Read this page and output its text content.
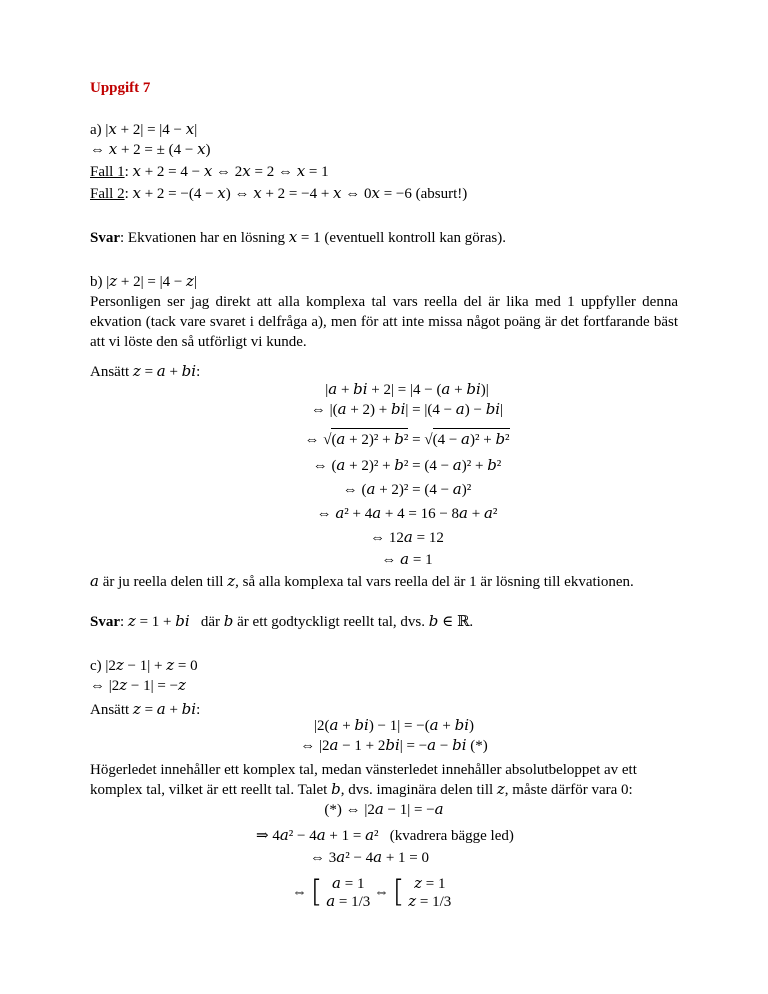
Uppgift 7
a) |𝑥 + 2| = |4 − 𝑥|
⇔ 𝑥 + 2 = ± (4 − 𝑥)
Fall 1: 𝑥 + 2 = 4 − 𝑥 ⇔ 2𝑥 = 2 ⇔ 𝑥 = 1
Fall 2: 𝑥 + 2 = −(4 − 𝑥) ⇔ 𝑥 + 2 = −4 + 𝑥 ⇔ 0𝑥 = −6 (absurt!)
Svar: Ekvationen har en lösning 𝑥 = 1 (eventuell kontroll kan göras).
b) |𝑧 + 2| = |4 − 𝑧|
Personligen ser jag direkt att alla komplexa tal vars reella del är lika med 1 uppfyller denna ekvation (tack vare svaret i delfråga a), men för att inte missa något poäng är det fortfarande bäst att vi löste den så utförligt vi kunde.
Ansätt 𝑧 = 𝑎 + 𝑏𝑖:
|𝑎 + 𝑏𝑖 + 2| = |4 − (𝑎 + 𝑏𝑖)|
⇔ |(𝑎 + 2) + 𝑏𝑖| = |(4 − 𝑎) − 𝑏𝑖|
⇔ √(𝑎 + 2)² + 𝑏² = √(4 − 𝑎)² + 𝑏²
⇔ (𝑎 + 2)² + 𝑏² = (4 − 𝑎)² + 𝑏²
⇔ (𝑎 + 2)² = (4 − 𝑎)²
⇔ 𝑎² + 4𝑎 + 4 = 16 − 8𝑎 + 𝑎²
⇔ 12𝑎 = 12
⇔ 𝑎 = 1
𝑎 är ju reella delen till 𝑧, så alla komplexa tal vars reella del är 1 är lösning till ekvationen.
Svar: 𝑧 = 1 + 𝑏𝑖   där 𝑏 är ett godtyckligt reellt tal, dvs. 𝑏 ∈ ℝ.
c) |2𝑧 − 1| + 𝑧 = 0
⇔ |2𝑧 − 1| = −𝑧
Ansätt 𝑧 = 𝑎 + 𝑏𝑖:
|2(𝑎 + 𝑏𝑖) − 1| = −(𝑎 + 𝑏𝑖)
⇔ |2𝑎 − 1 + 2𝑏𝑖| = −𝑎 − 𝑏𝑖 (*)
Högerledet innehåller ett komplex tal, medan vänsterledet innehåller absolutbeloppet av ett komplex tal, vilket är ett reellt tal. Talet 𝑏, dvs. imaginära delen till 𝑧, måste därför vara 0:
(*) ⇔ |2𝑎 − 1| = −𝑎
⇒ 4𝑎² − 4𝑎 + 1 = 𝑎²   (kvadrera bägge led)
⇔ 3𝑎² − 4𝑎 + 1 = 0
⇔ [ 𝑎 = 1
𝑎 = 1/3 ⇔ [ 𝑧 = 1
𝑧 = 1/3
